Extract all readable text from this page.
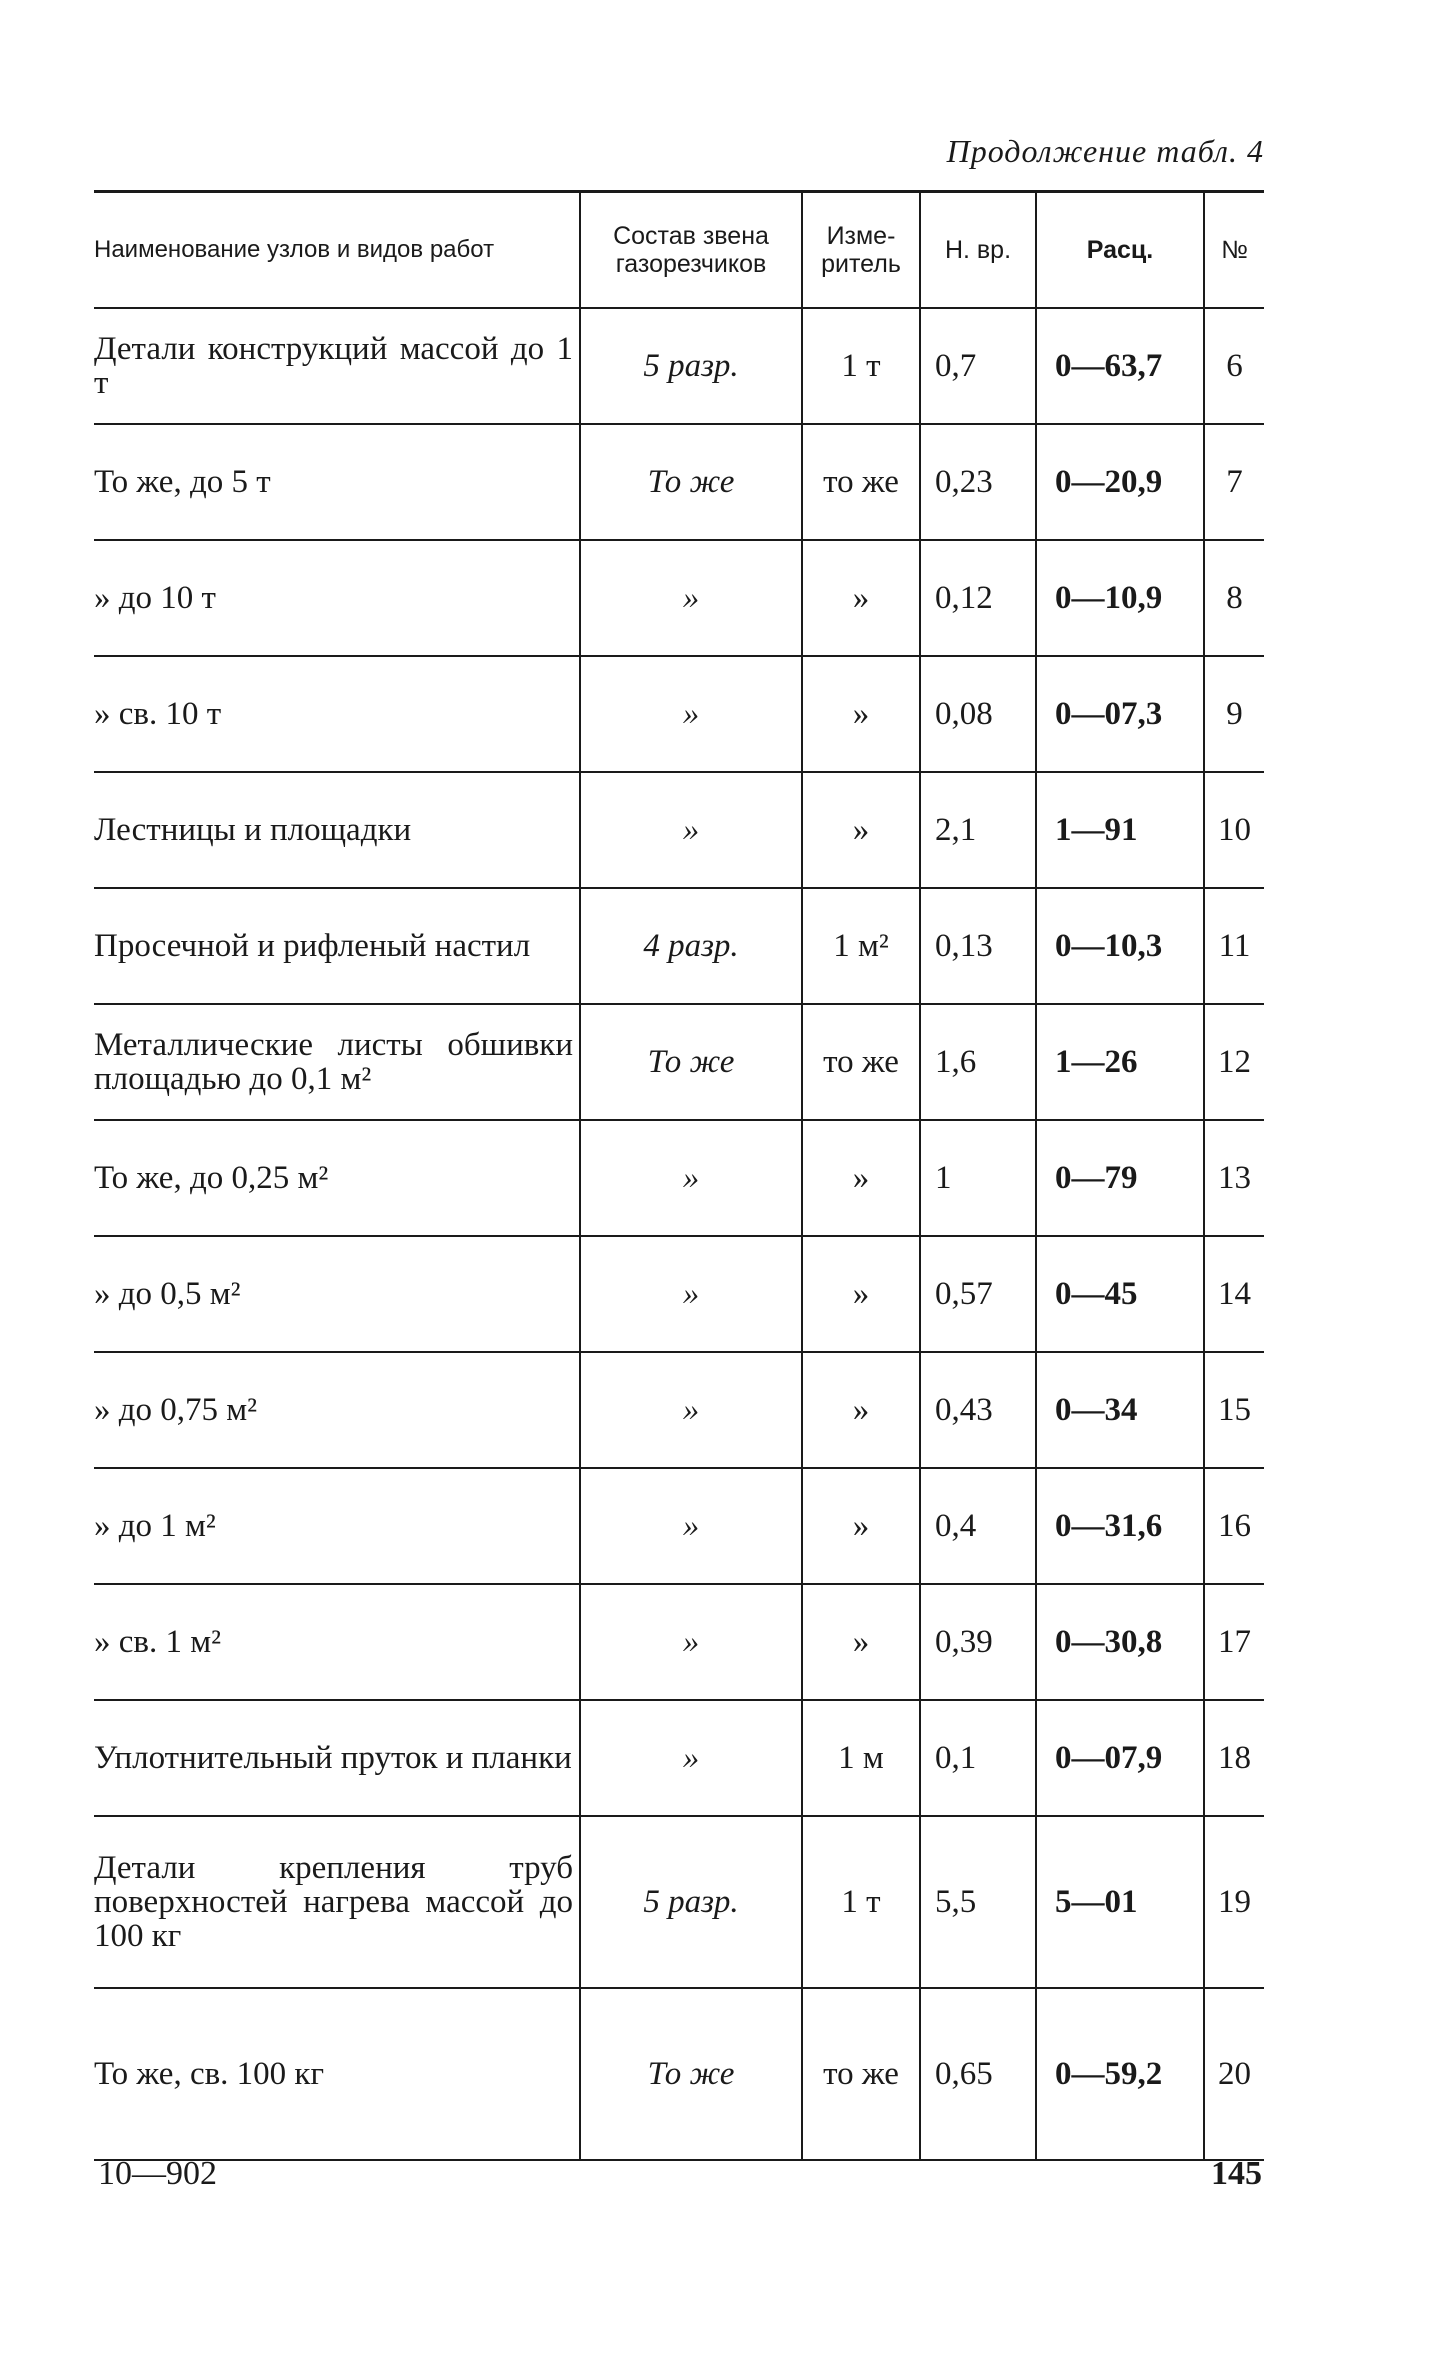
Продолжение табл. 4
Наименование узлов и видов работ	Состав звена газорезчиков	Изме- ритель	Н. вр.	Расц.	№
Детали конструкций массой до 1 т	5 разр.	1 т	0,7	0—63,7	6
То же, до 5 т	То же	то же	0,23	0—20,9	7
» до 10 т	»	»	0,12	0—10,9	8
» св. 10 т	»	»	0,08	0—07,3	9
Лестницы и площадки	»	»	2,1	1—91	10
Просечной и рифленый настил	4 разр.	1 м²	0,13	0—10,3	11
Металлические листы обшивки площадью до 0,1 м²	То же	то же	1,6	1—26	12
То же, до 0,25 м²	»	»	1	0—79	13
» до 0,5 м²	»	»	0,57	0—45	14
» до 0,75 м²	»	»	0,43	0—34	15
» до 1 м²	»	»	0,4	0—31,6	16
» св. 1 м²	»	»	0,39	0—30,8	17
Уплотнительный пруток и планки	»	1 м	0,1	0—07,9	18
Детали крепления труб поверхностей нагрева массой до 100 кг	5 разр.	1 т	5,5	5—01	19
То же, св. 100 кг	То же	то же	0,65	0—59,2	20
10—902	145
